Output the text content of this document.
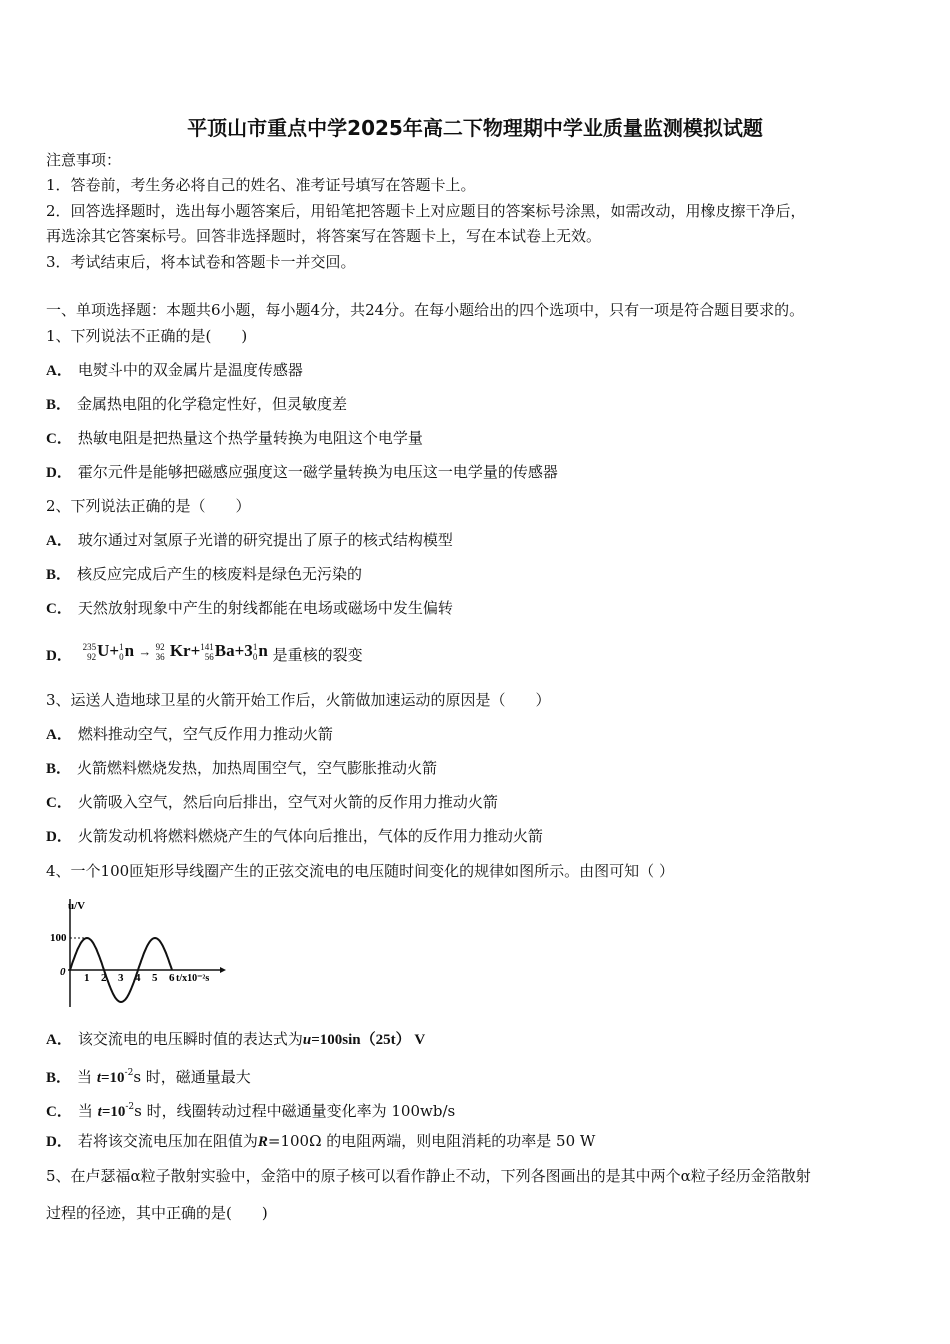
平顶山市重点中学2025年高二下物理期中学业质量监测模拟试题
注意事项：
1．答卷前，考生务必将自己的姓名、准考证号填写在答题卡上。
2．回答选择题时，选出每小题答案后，用铅笔把答题卡上对应题目的答案标号涂黑，如需改动，用橡皮擦干净后，
再选涂其它答案标号。回答非选择题时，将答案写在答题卡上，写在本试卷上无效。
3．考试结束后，将本试卷和答题卡一并交回。
一、单项选择题：本题共6小题，每小题4分，共24分。在每小题给出的四个选项中，只有一项是符合题目要求的。
1、下列说法不正确的是(　　)
A． 电熨斗中的双金属片是温度传感器
B． 金属热电阻的化学稳定性好，但灵敏度差
C． 热敏电阻是把热量这个热学量转换为电阻这个电学量
D． 霍尔元件是能够把磁感应强度这一磁学量转换为电压这一电学量的传感器
2、下列说法正确的是（　　）
A． 玻尔通过对氢原子光谱的研究提出了原子的核式结构模型
B． 核反应完成后产生的核废料是绿色无污染的
C． 天然放射现象中产生的射线都能在电场或磁场中发生偏转
D．
235
92 U+ 1
0 n → 92
36 Kr+ 141
56 Ba+3 1
0 n 是重核的裂变
3、运送人造地球卫星的火箭开始工作后，火箭做加速运动的原因是（　　）
A． 燃料推动空气，空气反作用力推动火箭
B． 火箭燃料燃烧发热，加热周围空气，空气膨胀推动火箭
C． 火箭吸入空气，然后向后排出，空气对火箭的反作用力推动火箭
D． 火箭发动机将燃料燃烧产生的气体向后推出，气体的反作用力推动火箭
4、一个100匝矩形导线圈产生的正弦交流电的电压随时间变化的规律如图所示。由图可知（ ）
u/V
100
0 1 2 3 4 5 6 t/x10⁻²s
A． 该交流电的电压瞬时值的表达式为u=100sin（25t） V
B． 当 $t=10^{-2}s$ 时，磁通量最大
C． 当 $t=10^{-2}s$ 时，线圈转动过程中磁通量变化率为 100wb/s
D． 若将该交流电压加在阻值为R=100Ω 的电阻两端，则电阻消耗的功率是 50 W
5、在卢瑟福α粒子散射实验中，金箔中的原子核可以看作静止不动，下列各图画出的是其中两个α粒子经历金箔散射
过程的径迹，其中正确的是(　　)
